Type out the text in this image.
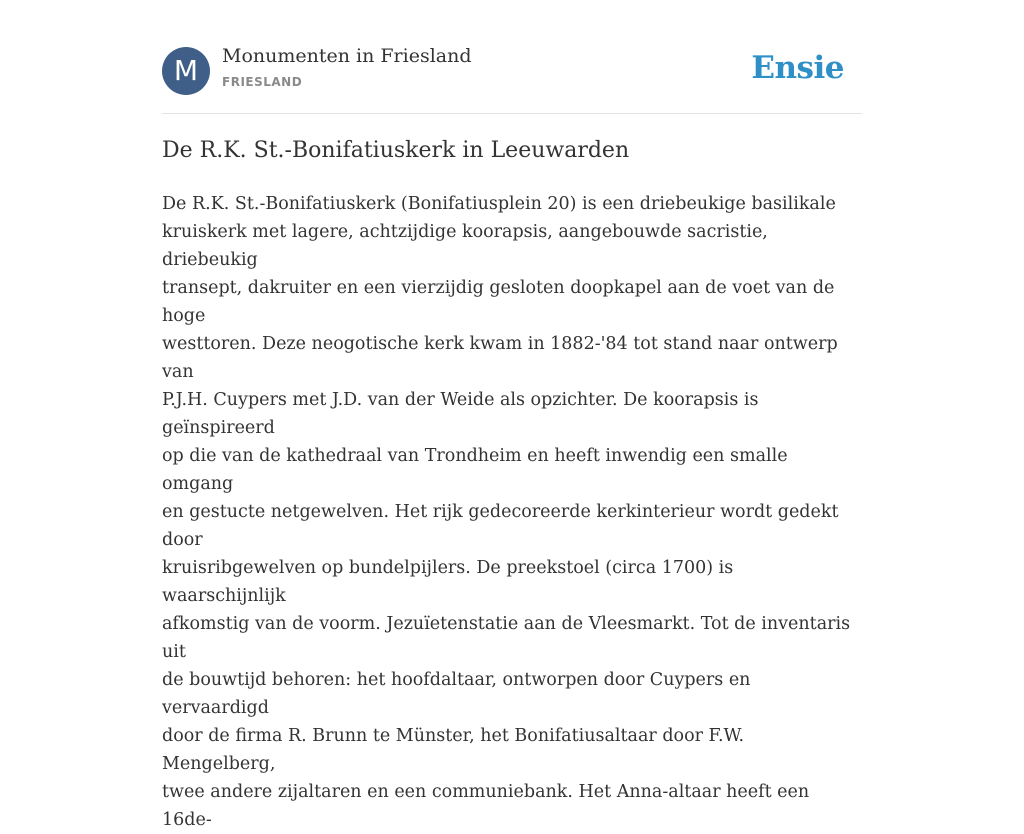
M	Monumenten in Friesland
FRIESLAND	Ensie
De R.K. St.-Bonifatiuskerk in Leeuwarden

De R.K. St.-Bonifatiuskerk (Bonifatiusplein 20) is een driebeukige basilikale
kruiskerk met lagere, achtzijdige koorapsis, aangebouwde sacristie, driebeukig
transept, dakruiter en een vierzijdig gesloten doopkapel aan de voet van de hoge
westtoren. Deze neogotische kerk kwam in 1882-'84 tot stand naar ontwerp van
P.J.H. Cuypers met J.D. van der Weide als opzichter. De koorapsis is geïnspireerd
op die van de kathedraal van Trondheim en heeft inwendig een smalle omgang
en gestucte netgewelven. Het rijk gedecoreerde kerkinterieur wordt gedekt door
kruisribgewelven op bundelpijlers. De preekstoel (circa 1700) is waarschijnlijk
afkomstig van de voorm. Jezuïetenstatie aan de Vleesmarkt. Tot de inventaris uit
de bouwtijd behoren: het hoofdaltaar, ontworpen door Cuypers en vervaardigd
door de firma R. Brunn te Münster, het Bonifatiusaltaar door F.W. Mengelberg,
twee andere zijaltaren en een communiebank. Het Anna-altaar heeft een 16de-
